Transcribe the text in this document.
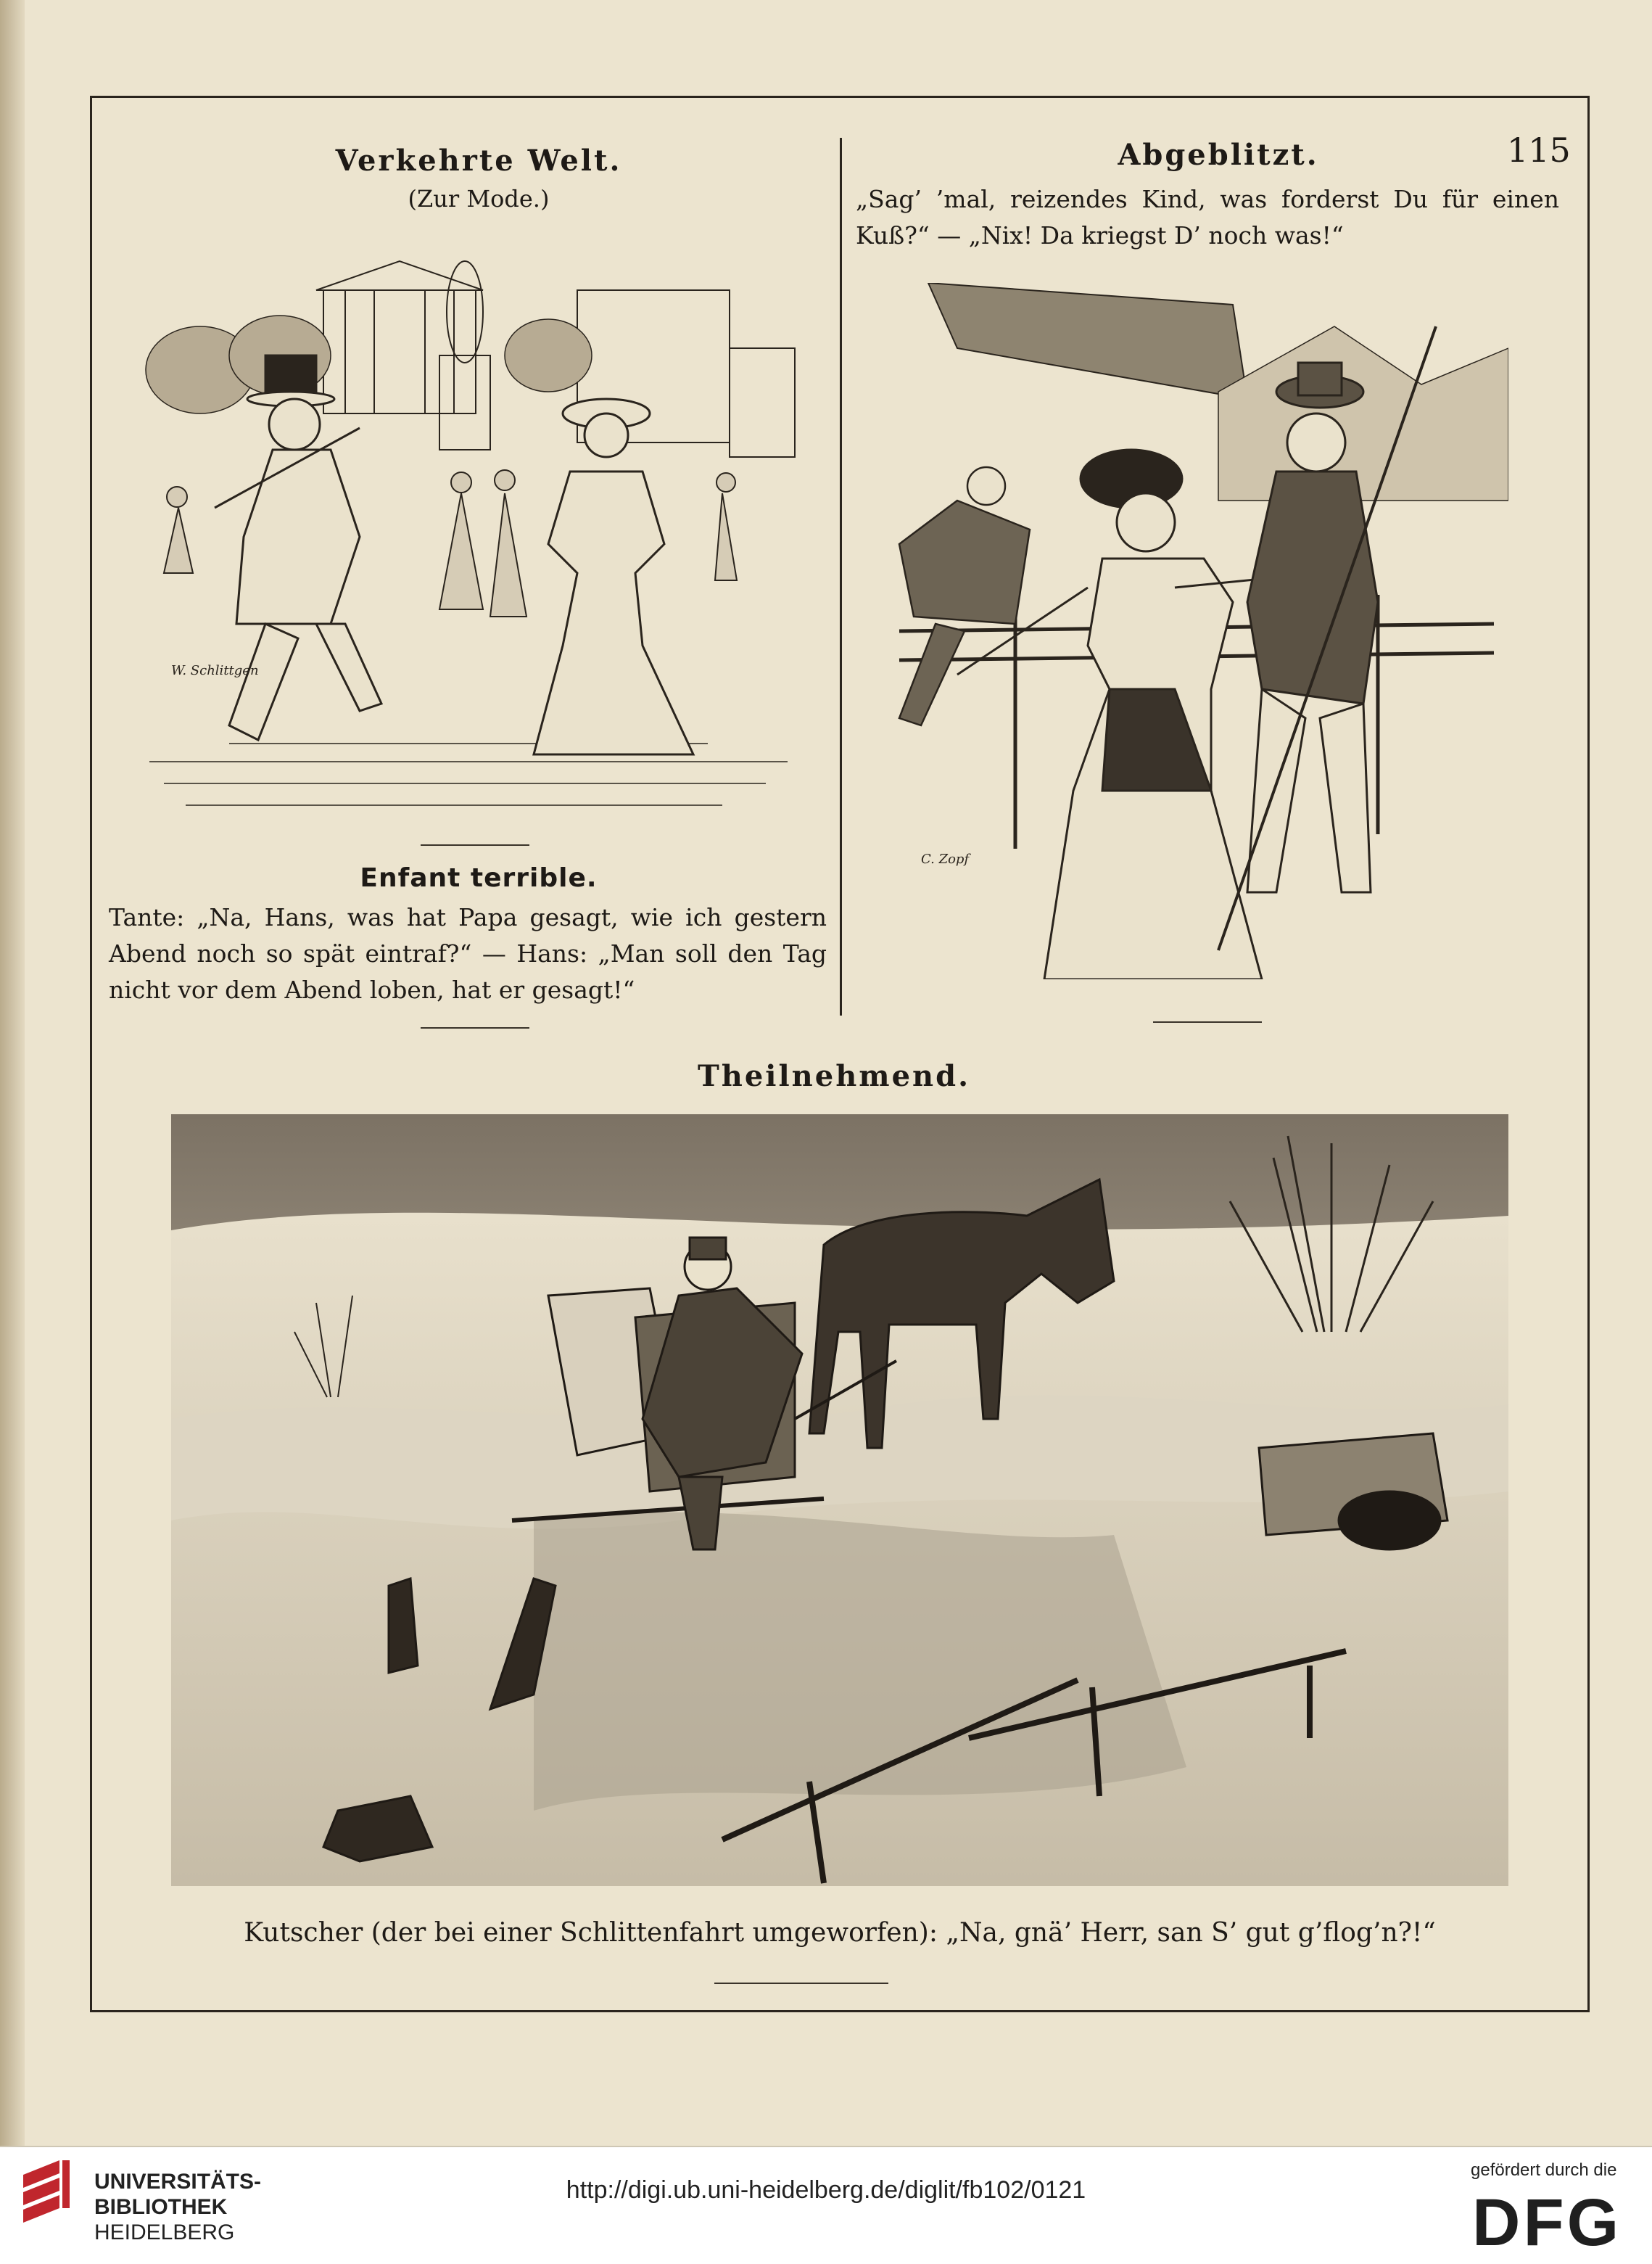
Verkehrte Welt.
(Zur Mode.)
W. Schlittgen
Enfant terrible.
Tante: „Na, Hans, was hat Papa gesagt, wie ich gestern Abend noch so spät eintraf?“ — Hans: „Man soll den Tag nicht vor dem Abend loben, hat er gesagt!“
Abgeblitzt.	115
„Sag’ ’mal, reizendes Kind, was forderst Du für einen Kuß?“ — „Nix! Da kriegst D’ noch was!“
C. Zopf
Theilnehmend.
Kutscher (der bei einer Schlittenfahrt umgeworfen): „Na, gnä’ Herr, san S’ gut g’flog’n?!“
UNIVERSITÄTS-
BIBLIOTHEK
HEIDELBERG
http://digi.ub.uni-heidelberg.de/diglit/fb102/0121
gefördert durch die
DFG
